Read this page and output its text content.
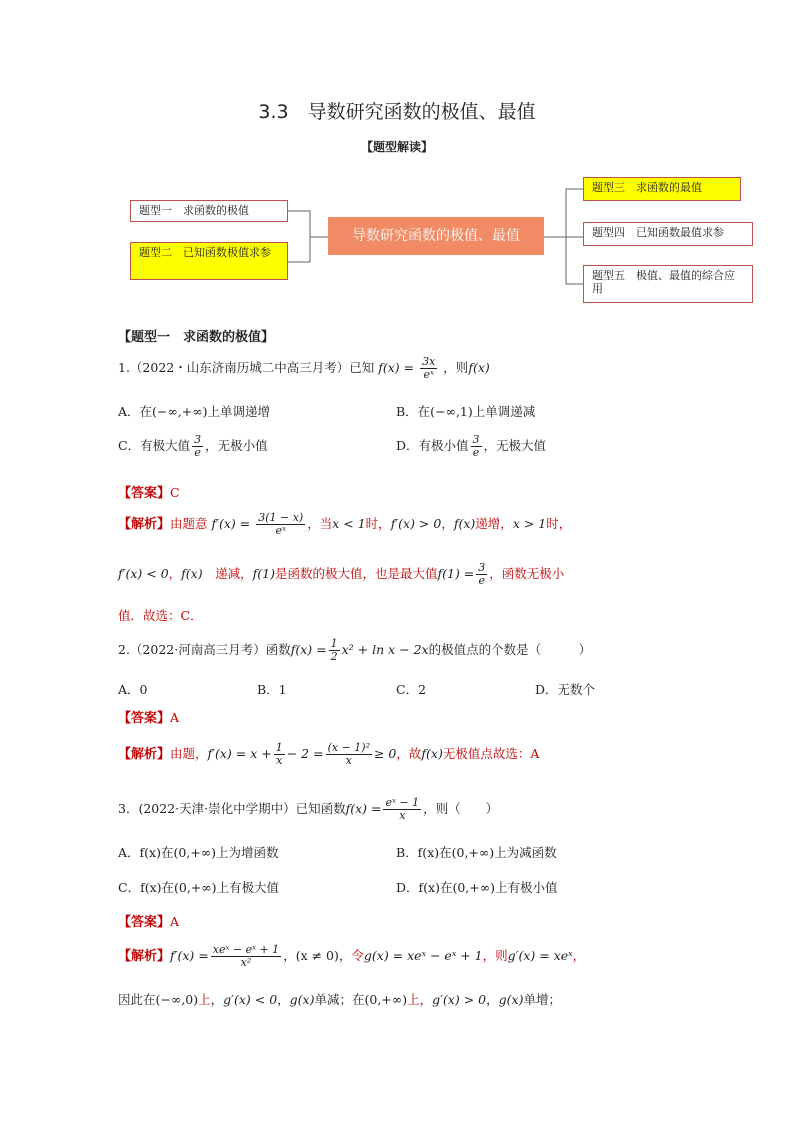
3.3　导数研究函数的极值、最值
【题型解读】
题型一　求函数的极值
题型二　已知函数极值求参
导数研究函数的极值、最值
题型三　求函数的最值
题型四　已知函数最值求参
题型五　极值、最值的综合应用
【题型一　求函数的极值】
1.（2022・山东济南历城二中高三月考）已知 $f(x) = \frac{3x}{\text{eˣ}}$ ，则f(x)
A．在(−∞,+∞)上单调递增	B．在(−∞,1)上单调递减
C．有极大值 $\frac{3}{e}$ ，无极小值	D．有极小值 $\frac{3}{e}$ ，无极大值
【答案】C
【解析】由题意 $f'(x) = \frac{3(1 - x)}{\text{eˣ}}$ ，当x < 1时，f′(x) > 0，f(x)递增，x > 1时，
f′(x) < 0，f(x)　递减，f(1)是函数的极大值，也是最大值$f(1) = \frac{3}{e}$ ，函数无极小
值．故选：C．
2.（2022·河南高三月考）函数$f(x) = \frac{1}{2} x^2 + \ln x - 2x$的极值点的个数是（　　　）
A．0	B．1	C．2	D．无数个
【答案】A
【解析】由题，$f'(x) = x + \frac{1}{x} - 2 = \frac{\text{(x − 1)²}}{x} \ge 0$，故f(x)无极值点故选：A
3．(2022·天津·崇化中学期中）已知函数$f(x) = \frac{\text{eˣ − 1}}{x}$ ，则（　　）
A．f(x)在(0,+∞)上为增函数	B．f(x)在(0,+∞)上为减函数
C．f(x)在(0,+∞)上有极大值	D．f(x)在(0,+∞)上有极小值
【答案】A
【解析】$f'(x) = \frac{\text{xeˣ − eˣ + 1}}{\text{x²}}$ ，(x ≠ 0)，令g(x) = xeˣ − eˣ + 1，则g′(x) = xeˣ，
因此在(−∞,0)上，g′(x) < 0，g(x)单减；在(0,+∞)上，g′(x) > 0，g(x)单增；
